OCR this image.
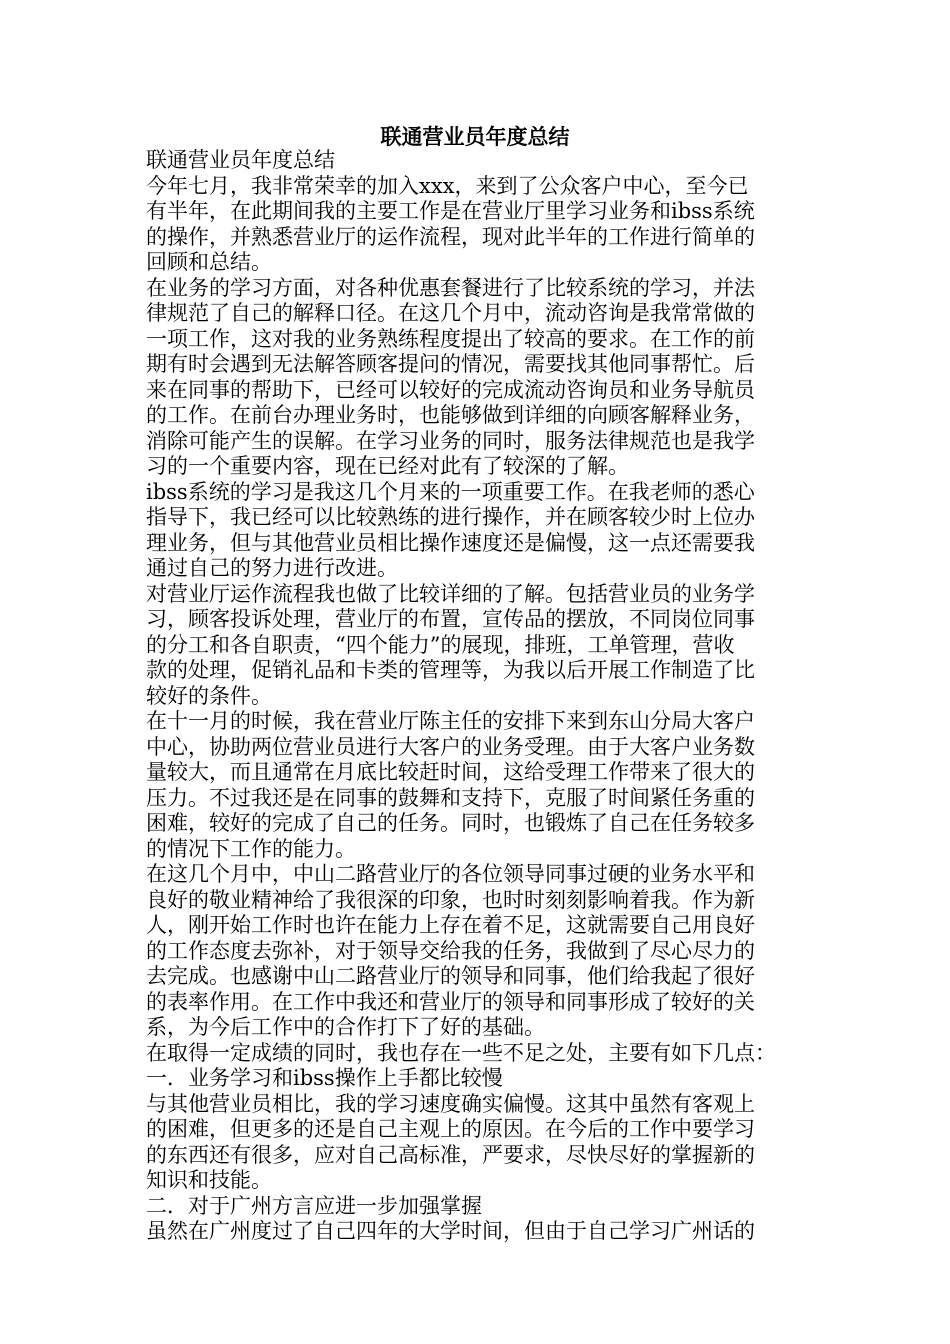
联通营业员年度总结
联通营业员年度总结
今年七月，我非常荣幸的加入xxx，来到了公众客户中心，至今已
有半年，在此期间我的主要工作是在营业厅里学习业务和ibss系统
的操作，并熟悉营业厅的运作流程，现对此半年的工作进行简单的
回顾和总结。
在业务的学习方面，对各种优惠套餐进行了比较系统的学习，并法
律规范了自己的解释口径。在这几个月中，流动咨询是我常常做的
一项工作，这对我的业务熟练程度提出了较高的要求。在工作的前
期有时会遇到无法解答顾客提问的情况，需要找其他同事帮忙。后
来在同事的帮助下，已经可以较好的完成流动咨询员和业务导航员
的工作。在前台办理业务时，也能够做到详细的向顾客解释业务，
消除可能产生的误解。在学习业务的同时，服务法律规范也是我学
习的一个重要内容，现在已经对此有了较深的了解。
ibss系统的学习是我这几个月来的一项重要工作。在我老师的悉心
指导下，我已经可以比较熟练的进行操作，并在顾客较少时上位办
理业务，但与其他营业员相比操作速度还是偏慢，这一点还需要我
通过自己的努力进行改进。
对营业厅运作流程我也做了比较详细的了解。包括营业员的业务学
习，顾客投诉处理，营业厅的布置，宣传品的摆放，不同岗位同事
的分工和各自职责，“四个能力”的展现，排班，工单管理，营收
款的处理，促销礼品和卡类的管理等，为我以后开展工作制造了比
较好的条件。
在十一月的时候，我在营业厅陈主任的安排下来到东山分局大客户
中心，协助两位营业员进行大客户的业务受理。由于大客户业务数
量较大，而且通常在月底比较赶时间，这给受理工作带来了很大的
压力。不过我还是在同事的鼓舞和支持下，克服了时间紧任务重的
困难，较好的完成了自己的任务。同时，也锻炼了自己在任务较多
的情况下工作的能力。
在这几个月中，中山二路营业厅的各位领导同事过硬的业务水平和
良好的敬业精神给了我很深的印象，也时时刻刻影响着我。作为新
人，刚开始工作时也许在能力上存在着不足，这就需要自己用良好
的工作态度去弥补，对于领导交给我的任务，我做到了尽心尽力的
去完成。也感谢中山二路营业厅的领导和同事，他们给我起了很好
的表率作用。在工作中我还和营业厅的领导和同事形成了较好的关
系，为今后工作中的合作打下了好的基础。
在取得一定成绩的同时，我也存在一些不足之处，主要有如下几点：
一．业务学习和ibss操作上手都比较慢
与其他营业员相比，我的学习速度确实偏慢。这其中虽然有客观上
的困难，但更多的还是自己主观上的原因。在今后的工作中要学习
的东西还有很多，应对自己高标准，严要求，尽快尽好的掌握新的
知识和技能。
二．对于广州方言应进一步加强掌握
虽然在广州度过了自己四年的大学时间，但由于自己学习广州话的
